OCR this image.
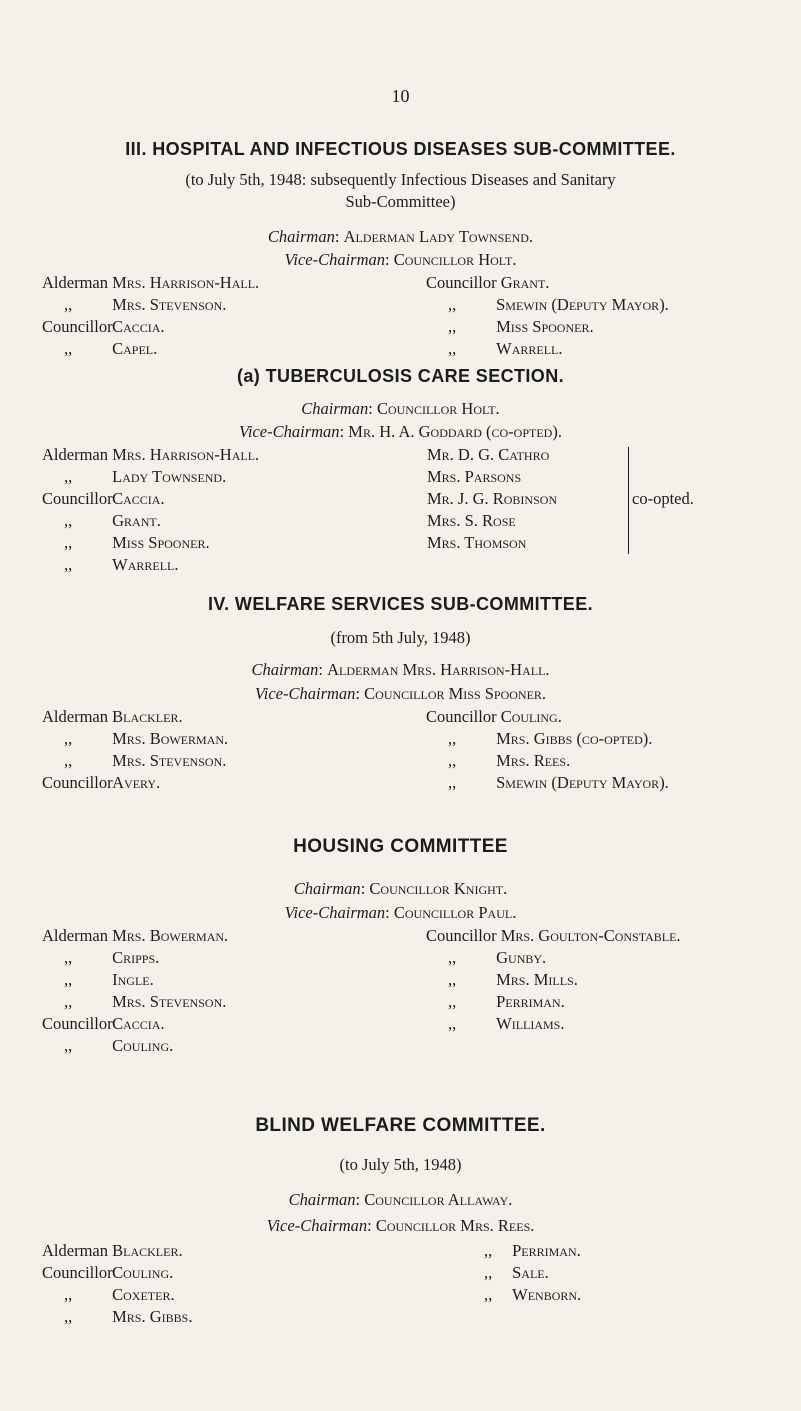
10
III. HOSPITAL AND INFECTIOUS DISEASES SUB-COMMITTEE.
(to July 5th, 1948: subsequently Infectious Diseases and Sanitary
Sub-Committee)
Chairman: Alderman Lady Townsend.
Vice-Chairman: Councillor Holt.
Alderman Mrs. Harrison-Hall.
,, Mrs. Stevenson.
Councillor Caccia.
,, Capel.
Councillor Grant.
,, Smewin (Deputy Mayor).
,, Miss Spooner.
,, Warrell.
(a) TUBERCULOSIS CARE SECTION.
Chairman: Councillor Holt.
Vice-Chairman: Mr. H. A. Goddard (co-opted).
Alderman Mrs. Harrison-Hall.
,, Lady Townsend.
Councillor Caccia.
,, Grant.
,, Miss Spooner.
,, Warrell.
Mr. D. G. Cathro
Mrs. Parsons
Mr. J. G. Robinson
Mrs. S. Rose
Mrs. Thomson
co-opted.
IV. WELFARE SERVICES SUB-COMMITTEE.
(from 5th July, 1948)
Chairman: Alderman Mrs. Harrison-Hall.
Vice-Chairman: Councillor Miss Spooner.
Alderman Blackler.
,, Mrs. Bowerman.
,, Mrs. Stevenson.
Councillor Avery.
Councillor Couling.
,, Mrs. Gibbs (co-opted).
,, Mrs. Rees.
,, Smewin (Deputy Mayor).
HOUSING COMMITTEE
Chairman: Councillor Knight.
Vice-Chairman: Councillor Paul.
Alderman Mrs. Bowerman.
,, Cripps.
,, Ingle.
,, Mrs. Stevenson.
Councillor Caccia.
,, Couling.
Councillor Mrs. Goulton-Constable.
,, Gunby.
,, Mrs. Mills.
,, Perriman.
,, Williams.
BLIND WELFARE COMMITTEE.
(to July 5th, 1948)
Chairman: Councillor Allaway.
Vice-Chairman: Councillor Mrs. Rees.
Alderman Blackler.
Councillor Couling.
,, Coxeter.
,, Mrs. Gibbs.
,, Perriman.
,, Sale.
,, Wenborn.
